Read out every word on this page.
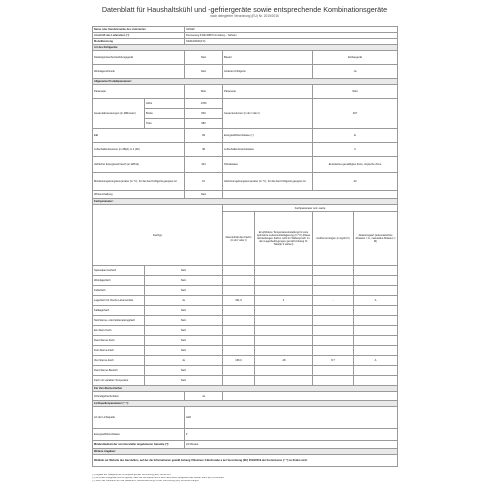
Datenblatt für Haushaltskühl und -gefriergeräte sowie entsprechende Kombinationsgeräte
nach delegierter Verordnung (EU) Nr. 2019/2016
Name oder Handelsmarke des Lieferanten		GRAEF				
Anschrift des Lieferanten (¹⁾)		Donnerweg 8 DE-59872 Arnsberg – Neheim				
Modellkennung		SD4FA0000(0 0)				
Art des Kühlgeräts:						
Niedergeräuschentwicklungsgerät		Nein	Bauart		Einbaugerät	
Weinlagerschrank		Nein	Anderes Kühlgerät		Ja	
Allgemeine Produktparameter:						
Parameter		Wert	Parameter		Wert	
Gesamtabmessungen (in Millimeter)	Höhe	1780	Gesamtvolumen (in dm³ oder l)		497	
	Breite	600				
	Tiefe	680				
EEI		99	Energieeffizienzklasse (¹⁾)		E	
Luftschallemissionen (in dB(A) re 1 pW)		38	Luftschallemissionsklasse		C	
Jährlicher Energieverbrauch (in kWh/a)		324	Klimaklasse		Erweitertes gemäßigtes Zone, tropische Zone	
Mindestumgebungstemperatur (in °C), für die das Kühlgerät geeignet ist		10	Höchstumgebungstemperatur (in °C), für die das Kühlgerät geeignet ist		43	
Winterschaltung		Nein				
Fachparameter:						
Fachtyp			Fachparameter und -werte			
			Rauminhalt des Fachs (in dm³ oder l)	Empfohlene Temperatureinstellung für eine optimierte Lebensmittellagerung (in °C) (Diese Einstellungen dürfen nicht im Widerspruch zu den Lagerbedingungen gemäß Anhang IV, Tabelle 3 stehen)	Gefriervermögen (in kg/24 h)	Abtauungsart (automatisches Abtauen = A, manuelles Abtauen = M)
Speisekammerfach	Nein					
Weinlagerfach	Nein					
Kellerfach	Nein					
Lagerfach für frische Lebensmittel	Ja		331,0	4	-	A
Kaltlagerfach	Nein					
Null-Sterne- oder Eisbereitungsfach	Nein					
Ein-Stern-Fach	Nein					
Zwei-Sterne-Fach	Nein					
Drei-Sterne-Fach	Nein					
Vier-Sterne-Fach	Ja		166,0	-18	8,7	A
Zwei-Sterne-Bereich	Nein					
Fach mit variabler Temperatur	Nein					
Für Vier-Sterne-Fächer						
Schnellgefrierfunktion		Ja				
Lichtquellenparameter (¹⁾ ²⁾):						
Art der Lichtquelle		LED				
Energieeffizienzklasse		F				
Mindestlaufzeit der vom Hersteller angebotenen Garantie (²⁾):		24 Monate				
Weitere Angaben:						
Weblink zur Website des Herstellers, auf der die Informationen gemäß Anhang II Nummer 4 Buchstabe a der Verordnung (EU) 2019/2019 der Kommission (¹⁾ ²⁾) zu finden sind:						
(¹⁾) Angabe der Kategorie der Lichtquelle gemäß Verordnung (EU) 2019/2015.
(²⁾) Nicht alle Kühlgeräte sind so gebaut, dass die Lichtquelle durch einen Endnutzer ausgewechselt werden kann (EU) 2019/2020.
(³⁾) Wenn der Lieferant nicht die Garantie in Übereinstimmung mit der Verordnung (EU) 2019/2019 angibt.
